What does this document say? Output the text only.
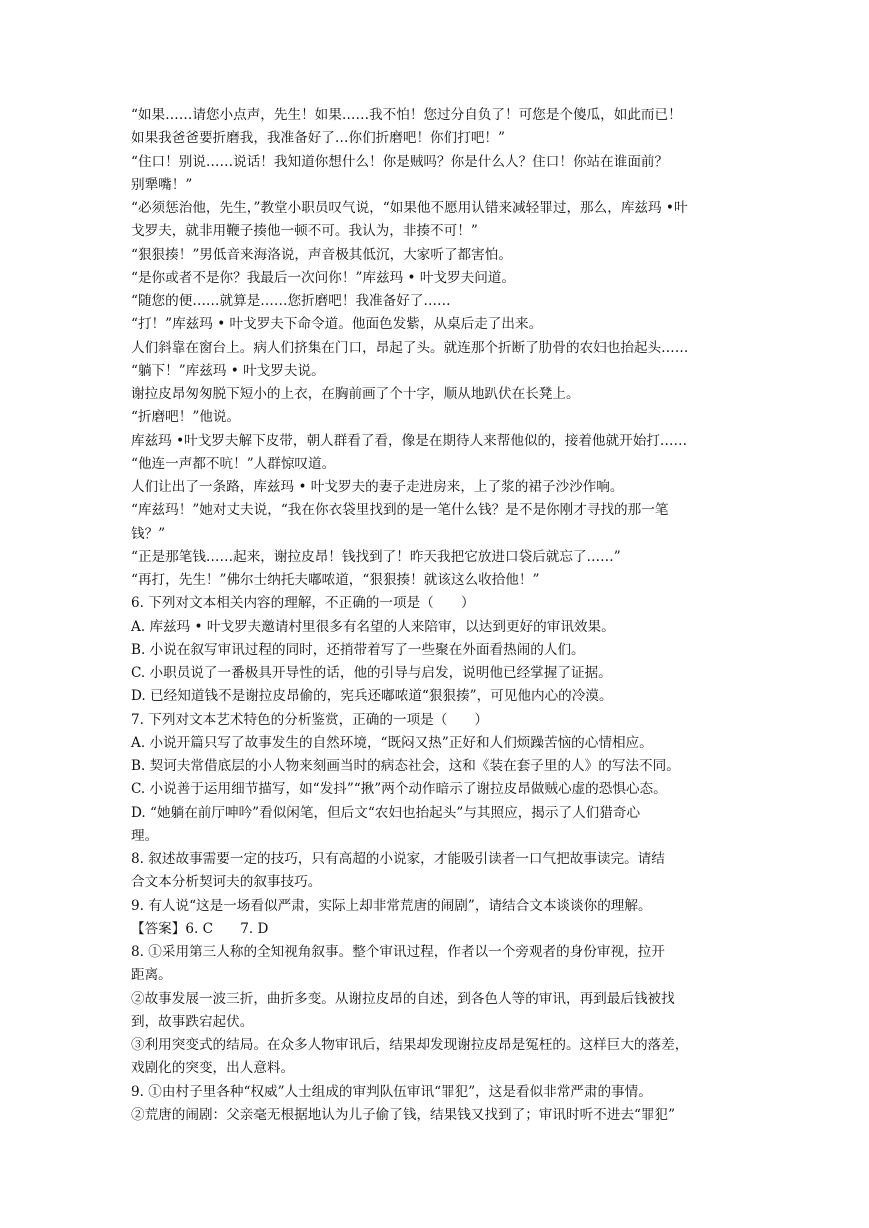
“如果……请您小点声，先生！如果……我不怕！您过分自负了！可您是个傻瓜，如此而已！
如果我爸爸要折磨我，我准备好了…你们折磨吧！你们打吧！”
“住口！别说……说话！我知道你想什么！你是贼吗？你是什么人？住口！你站在谁面前？
别犟嘴！”
“必须惩治他，先生，”教堂小职员叹气说，“如果他不愿用认错来减轻罪过，那么，库兹玛 •叶
戈罗夫，就非用鞭子揍他一顿不可。我认为，非揍不可！”
“狠狠揍！”男低音来海洛说，声音极其低沉，大家听了都害怕。
“是你或者不是你？我最后一次问你！”库兹玛 • 叶戈罗夫问道。
“随您的便……就算是……您折磨吧！我准备好了……
“打！”库兹玛 • 叶戈罗夫下命令道。他面色发紫，从桌后走了出来。
人们斜靠在窗台上。病人们挤集在门口，昂起了头。就连那个折断了肋骨的农妇也抬起头……
“躺下！”库兹玛 • 叶戈罗夫说。
谢拉皮昂匆匆脱下短小的上衣，在胸前画了个十字，顺从地趴伏在长凳上。
“折磨吧！”他说。
库兹玛 •叶戈罗夫解下皮带，朝人群看了看，像是在期待人来帮他似的，接着他就开始打……
“他连一声都不吭！”人群惊叹道。
人们让出了一条路，库兹玛 • 叶戈罗夫的妻子走进房来，上了浆的裙子沙沙作响。
“库兹玛！”她对丈夫说，“我在你衣袋里找到的是一笔什么钱？是不是你刚才寻找的那一笔
钱？”
“正是那笔钱……起来，谢拉皮昂！钱找到了！昨天我把它放进口袋后就忘了……”
“再打，先生！”佛尔士纳托夫嘟哝道，“狠狠揍！就该这么收拾他！”
6. 下列对文本相关内容的理解，不正确的一项是（　　）
A. 库兹玛 • 叶戈罗夫邀请村里很多有名望的人来陪审，以达到更好的审讯效果。
B. 小说在叙写审讯过程的同时，还捎带着写了一些聚在外面看热闹的人们。
C. 小职员说了一番极具开导性的话，他的引导与启发，说明他已经掌握了证据。
D. 已经知道钱不是谢拉皮昂偷的，宪兵还嘟哝道“狠狠揍”，可见他内心的冷漠。
7. 下列对文本艺术特色的分析鉴赏，正确的一项是（　　）
A. 小说开篇只写了故事发生的自然环境，“既闷又热”正好和人们烦躁苦恼的心情相应。
B. 契诃夫常借底层的小人物来刻画当时的病态社会，这和《装在套子里的人》的写法不同。
C. 小说善于运用细节描写，如“发抖”“揪”两个动作暗示了谢拉皮昂做贼心虚的恐惧心态。
D. “她躺在前厅呻吟”看似闲笔，但后文“农妇也抬起头”与其照应，揭示了人们猎奇心
理。
8. 叙述故事需要一定的技巧，只有高超的小说家，才能吸引读者一口气把故事读完。请结
合文本分析契诃夫的叙事技巧。
9. 有人说“这是一场看似严肃，实际上却非常荒唐的闹剧”，请结合文本谈谈你的理解。
【答案】6. C　　7. D
8. ①采用第三人称的全知视角叙事。整个审讯过程，作者以一个旁观者的身份审视，拉开
距离。
②故事发展一波三折，曲折多变。从谢拉皮昂的自述，到各色人等的审讯，再到最后钱被找
到，故事跌宕起伏。
③利用突变式的结局。在众多人物审讯后，结果却发现谢拉皮昂是冤枉的。这样巨大的落差，
戏剧化的突变，出人意料。
9. ①由村子里各种“权威”人士组成的审判队伍审讯“罪犯”，这是看似非常严肃的事情。
②荒唐的闹剧：父亲毫无根据地认为儿子偷了钱，结果钱又找到了；审讯时听不进去“罪犯”
